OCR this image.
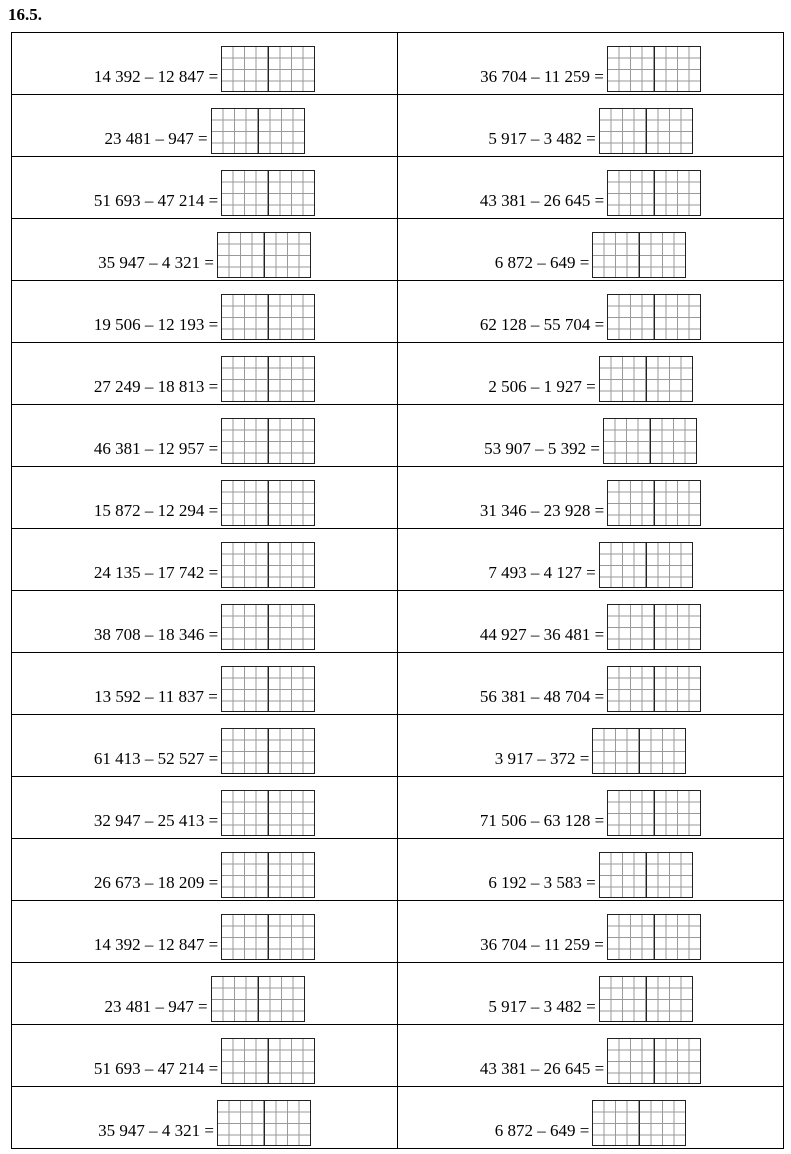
16.5.
14 392 – 12 847 =	36 704 – 11 259 =

23 481 – 947 =	5 917 – 3 482 =

51 693 – 47 214 =	43 381 – 26 645 =

35 947 – 4 321 =	6 872 – 649 =

19 506 – 12 193 =	62 128 – 55 704 =

27 249 – 18 813 =	2 506 – 1 927 =

46 381 – 12 957 =	53 907 – 5 392 =

15 872 – 12 294 =	31 346 – 23 928 =

24 135 – 17 742 =	7 493 – 4 127 =

38 708 – 18 346 =	44 927 – 36 481 =

13 592 – 11 837 =	56 381 – 48 704 =

61 413 – 52 527 =	3 917 – 372 =

32 947 – 25 413 =	71 506 – 63 128 =

26 673 – 18 209 =	6 192 – 3 583 =

14 392 – 12 847 =	36 704 – 11 259 =

23 481 – 947 =	5 917 – 3 482 =

51 693 – 47 214 =	43 381 – 26 645 =

35 947 – 4 321 =	6 872 – 649 =
